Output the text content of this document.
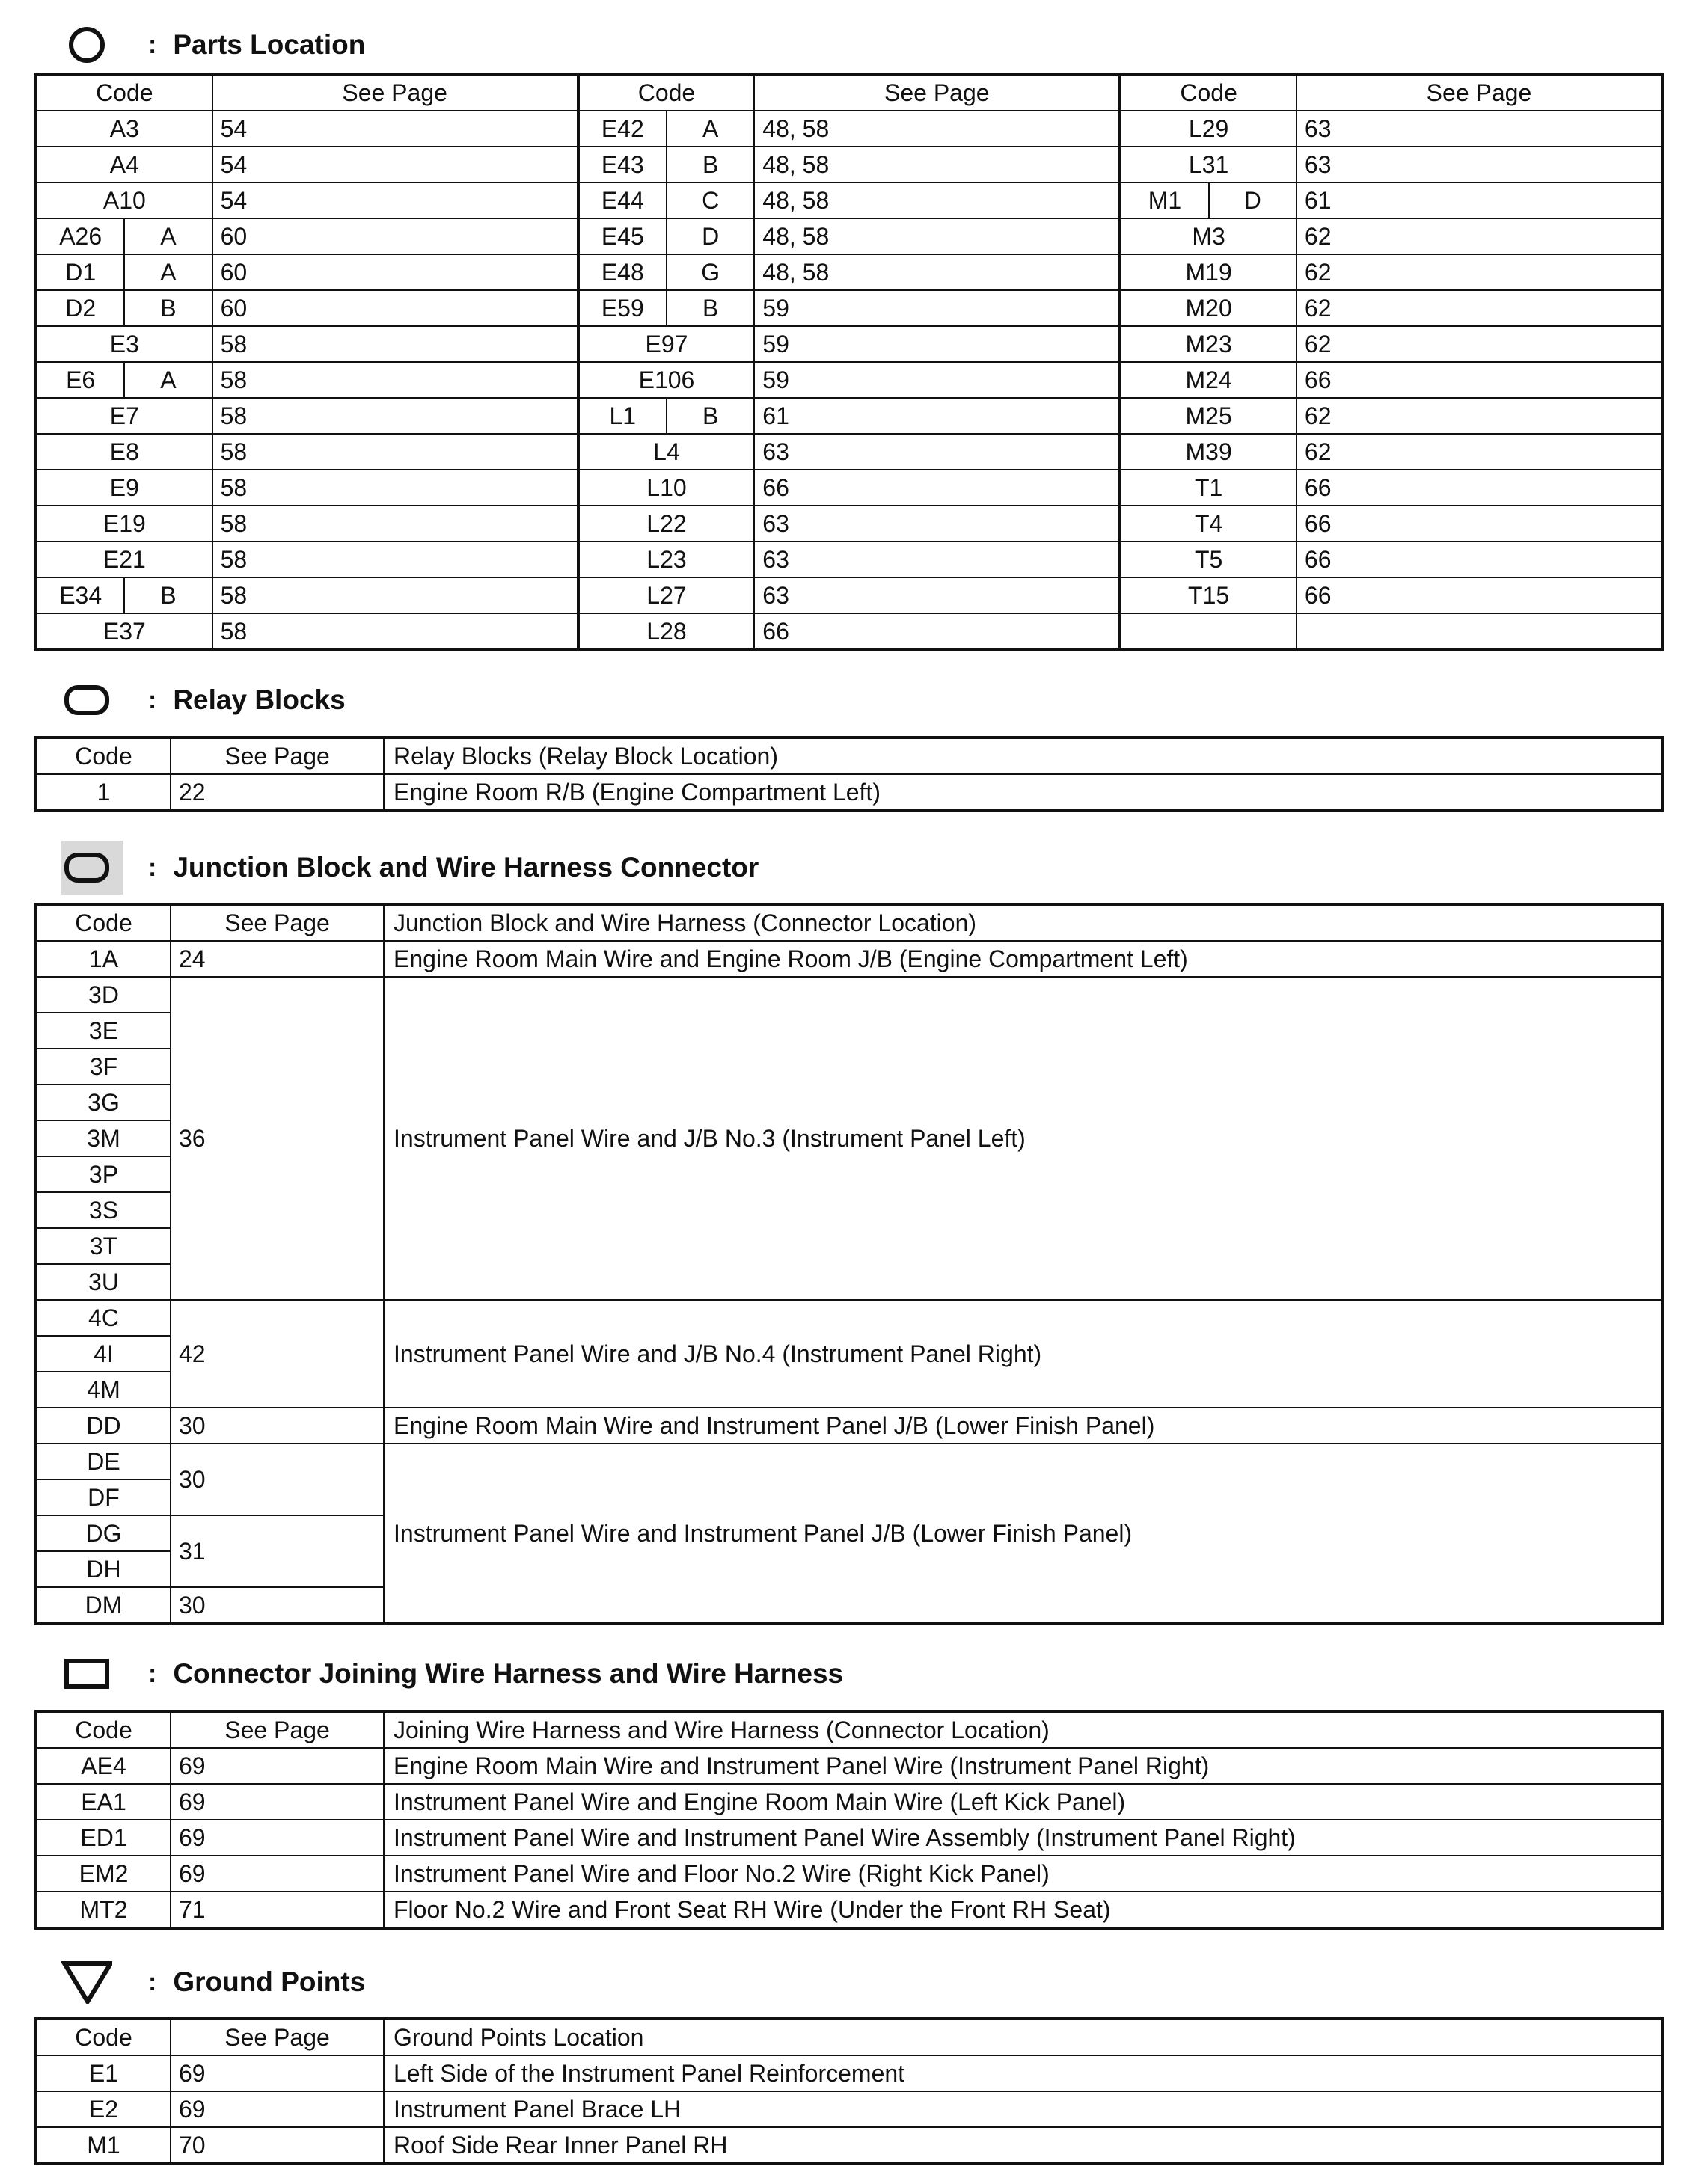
: Parts Location
Code	See Page	Code	See Page	Code	See Page

A3	54	E42 A	48, 58	L29	63

A4	54	E43 B	48, 58	L31	63

A10	54	E44 C	48, 58	M1 D	61

A26 A	60	E45 D	48, 58	M3	62

D1 A	60	E48 G	48, 58	M19	62

D2 B	60	E59 B	59	M20	62

E3	58	E97	59	M23	62

E6 A	58	E106	59	M24	66

E7	58	L1 B	61	M25	62

E8	58	L4	63	M39	62

E9	58	L10	66	T1	66

E19	58	L22	63	T4	66

E21	58	L23	63	T5	66

E34 B	58	L27	63	T15	66

E37	58	L28	66	

: Relay Blocks
Code	See Page	Relay Blocks (Relay Block Location)
1	22	Engine Room R/B (Engine Compartment Left)
: Junction Block and Wire Harness Connector
Code	See Page	Junction Block and Wire Harness (Connector Location)
1A	24	Engine Room Main Wire and Engine Room J/B (Engine Compartment Left)
3D	36	Instrument Panel Wire and J/B No.3 (Instrument Panel Left)
3E		
3F		
3G		
3M		
3P		
3S		
3T		
3U		
4C	42	Instrument Panel Wire and J/B No.4 (Instrument Panel Right)
4I		
4M		
DD	30	Engine Room Main Wire and Instrument Panel J/B (Lower Finish Panel)
DE	30	Instrument Panel Wire and Instrument Panel J/B (Lower Finish Panel)
DF		
DG	31	
DH		
DM	30	
: Connector Joining Wire Harness and Wire Harness
Code	See Page	Joining Wire Harness and Wire Harness (Connector Location)
AE4	69	Engine Room Main Wire and Instrument Panel Wire (Instrument Panel Right)
EA1	69	Instrument Panel Wire and Engine Room Main Wire (Left Kick Panel)
ED1	69	Instrument Panel Wire and Instrument Panel Wire Assembly (Instrument Panel Right)
EM2	69	Instrument Panel Wire and Floor No.2 Wire (Right Kick Panel)
MT2	71	Floor No.2 Wire and Front Seat RH Wire (Under the Front RH Seat)
: Ground Points
Code	See Page	Ground Points Location
E1	69	Left Side of the Instrument Panel Reinforcement
E2	69	Instrument Panel Brace LH
M1	70	Roof Side Rear Inner Panel RH
